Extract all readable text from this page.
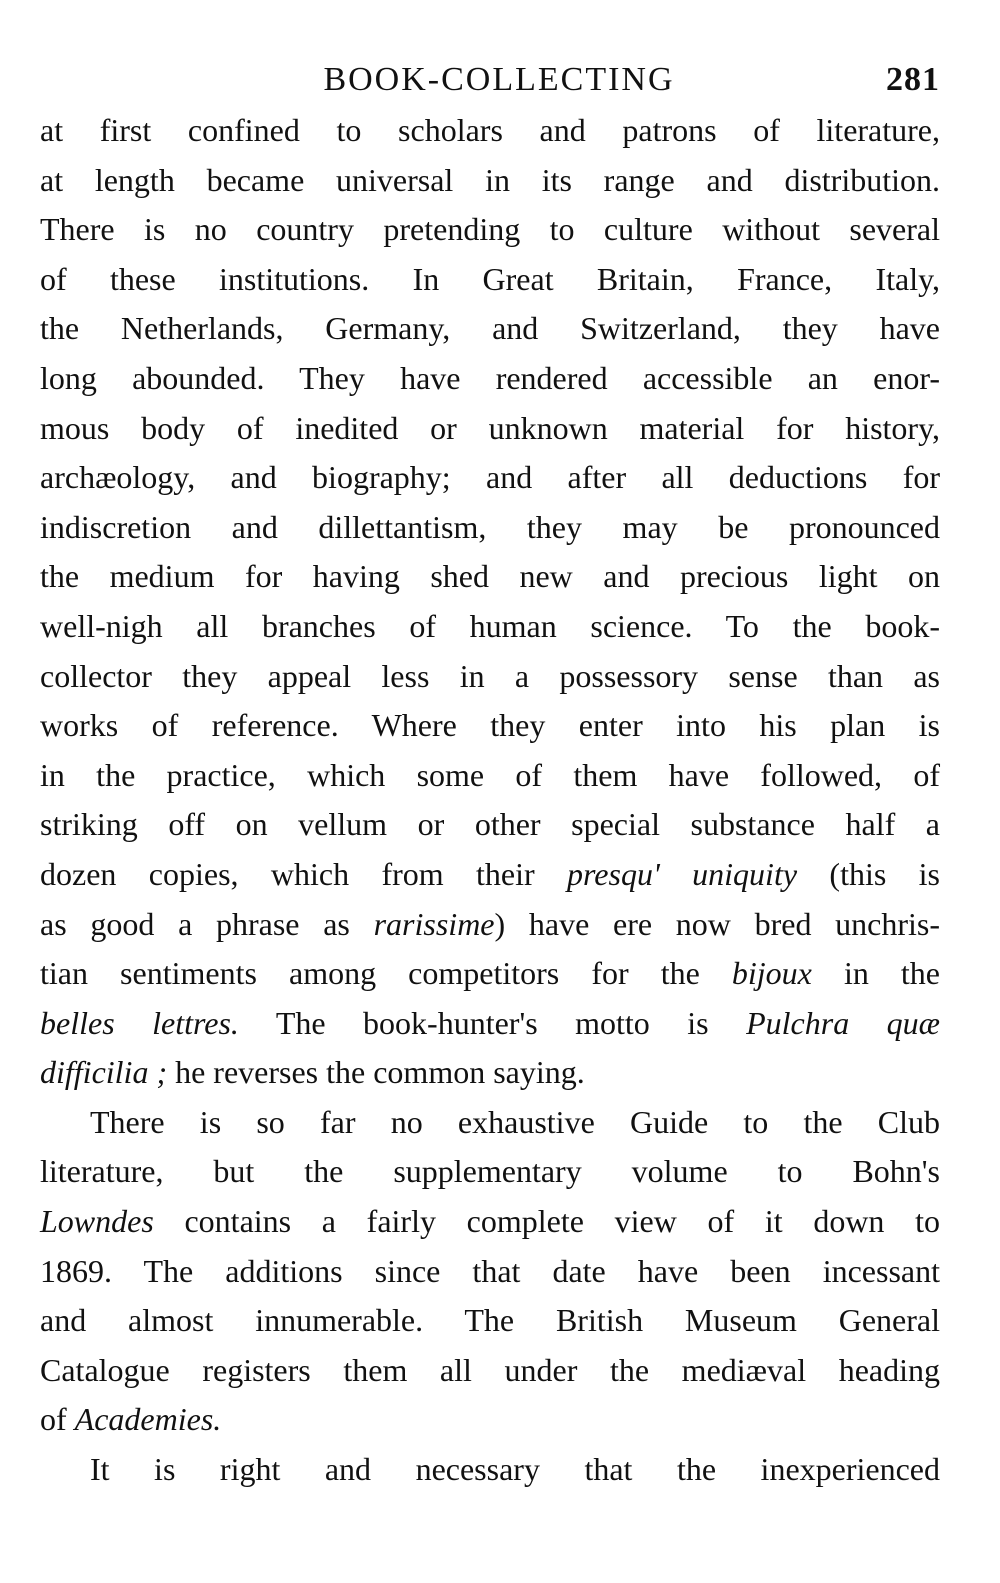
BOOK-COLLECTING	281
at first confined to scholars and patrons of literature,
at length became universal in its range and distribution.
There is no country pretending to culture without several
of these institutions. In Great Britain, France, Italy,
the Netherlands, Germany, and Switzerland, they have
long abounded. They have rendered accessible an enor-
mous body of inedited or unknown material for history,
archæology, and biography; and after all deductions for
indiscretion and dillettantism, they may be pronounced
the medium for having shed new and precious light on
well-nigh all branches of human science. To the book-
collector they appeal less in a possessory sense than as
works of reference. Where they enter into his plan is
in the practice, which some of them have followed, of
striking off on vellum or other special substance half a
dozen copies, which from their presqu' uniquity (this is
as good a phrase as rarissime) have ere now bred unchris-
tian sentiments among competitors for the bijoux in the
belles lettres. The book-hunter's motto is Pulchra quæ
difficilia ; he reverses the common saying.
There is so far no exhaustive Guide to the Club
literature, but the supplementary volume to Bohn's
Lowndes contains a fairly complete view of it down to
1869. The additions since that date have been incessant
and almost innumerable. The British Museum General
Catalogue registers them all under the mediæval heading
of Academies.
It is right and necessary that the inexperienced
